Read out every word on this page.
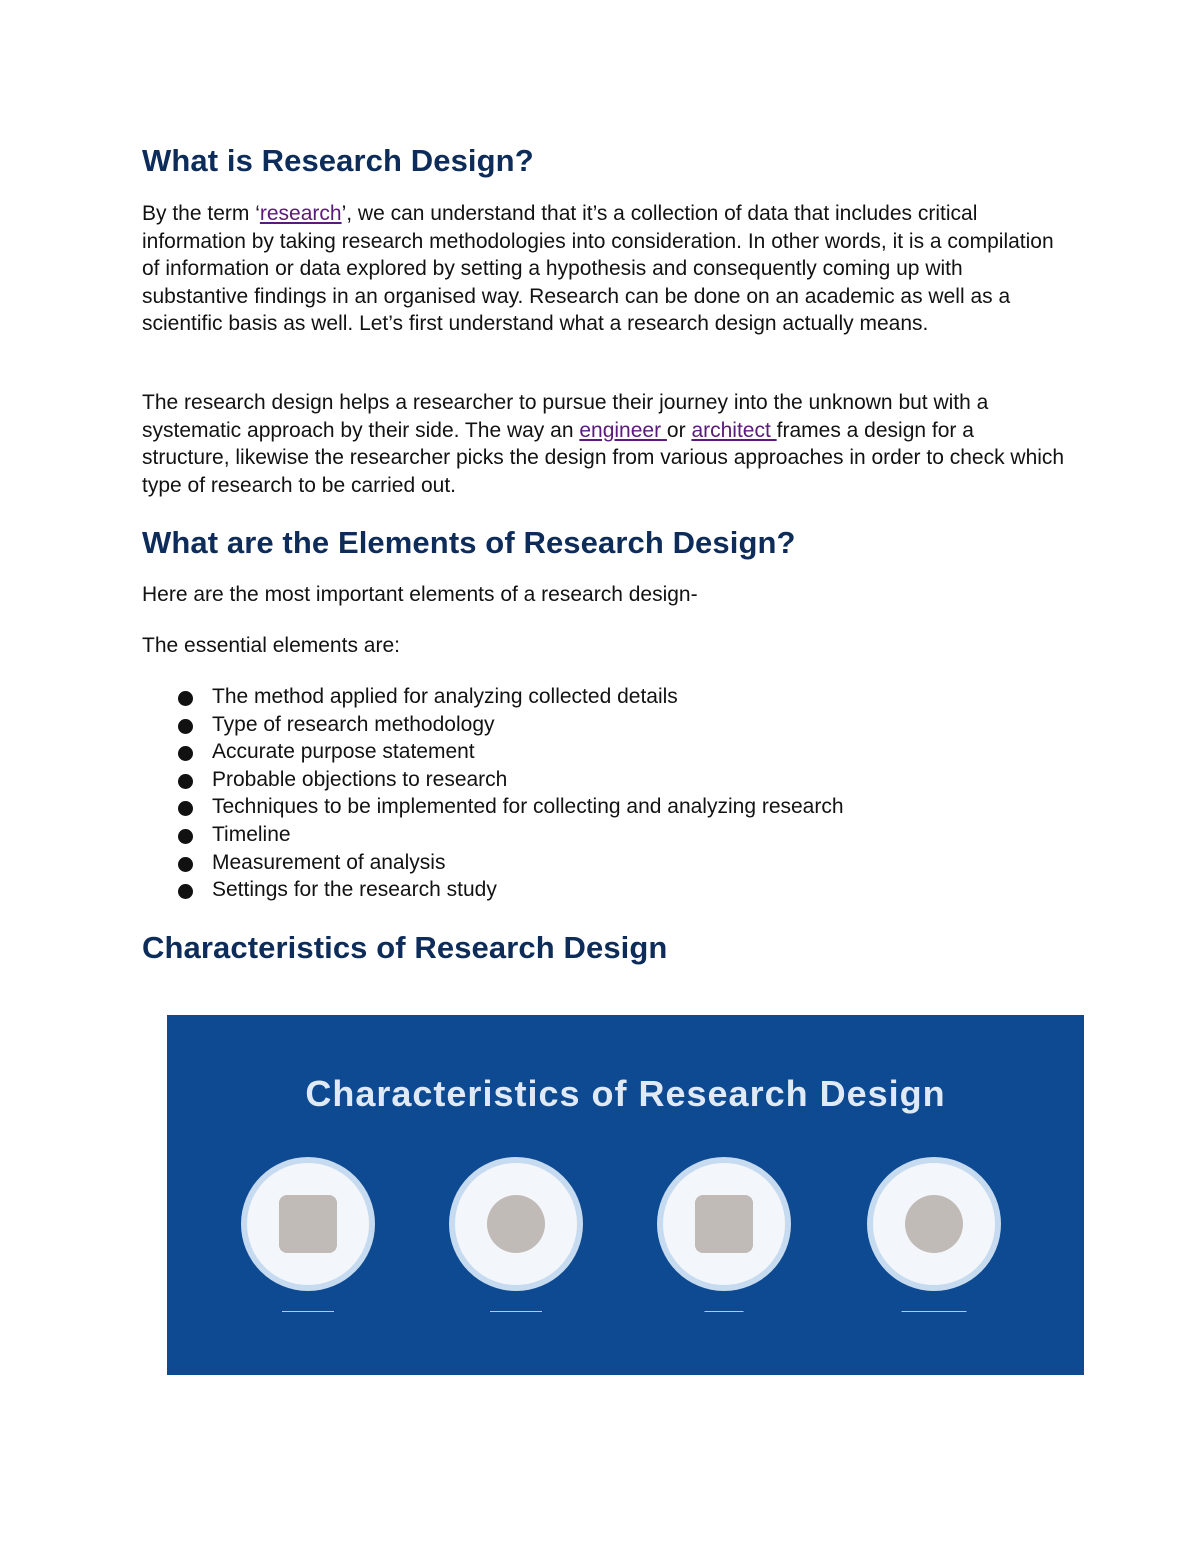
What is Research Design?

By the term ‘research’, we can understand that it’s a collection of data that includes critical information by taking research methodologies into consideration. In other words, it is a compilation of information or data explored by setting a hypothesis and consequently coming up with substantive findings in an organised way. Research can be done on an academic as well as a scientific basis as well. Let’s first understand what a research design actually means.

The research design helps a researcher to pursue their journey into the unknown but with a systematic approach by their side. The way an engineer or architect frames a design for a structure, likewise the researcher picks the design from various approaches in order to check which type of research to be carried out.

What are the Elements of Research Design?

Here are the most important elements of a research design-

The essential elements are:

The method applied for analyzing collected details
Type of research methodology
Accurate purpose statement
Probable objections to research
Techniques to be implemented for collecting and analyzing research
Timeline
Measurement of analysis
Settings for the research study
Characteristics of Research Design
Characteristics of Research Design
————	————	———	—————
